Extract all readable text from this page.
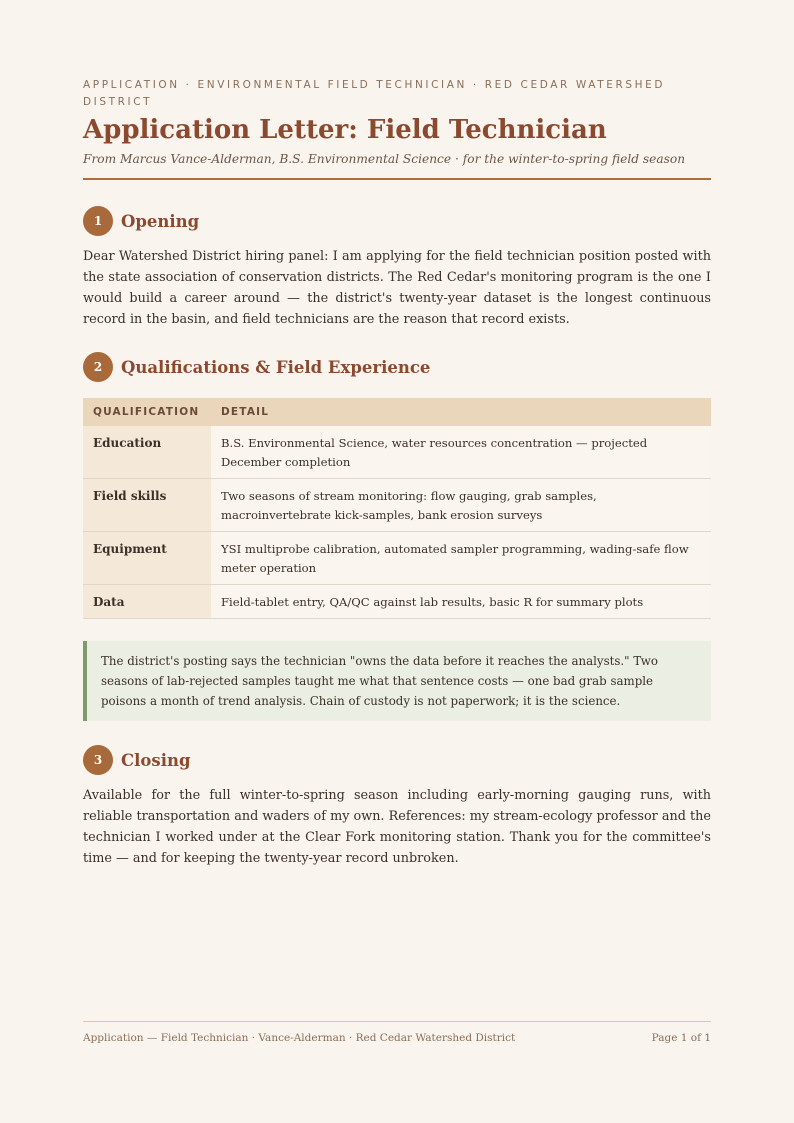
APPLICATION · ENVIRONMENTAL FIELD TECHNICIAN · RED CEDAR WATERSHED DISTRICT
Application Letter: Field Technician
From Marcus Vance-Alderman, B.S. Environmental Science · for the winter-to-spring field season
1	Opening
Dear Watershed District hiring panel: I am applying for the field technician position posted with the state association of conservation districts. The Red Cedar's monitoring program is the one I would build a career around — the district's twenty-year dataset is the longest continuous record in the basin, and field technicians are the reason that record exists.
2	Qualifications & Field Experience
QUALIFICATION	DETAIL
Education	B.S. Environmental Science, water resources concentration — projected December completion
Field skills	Two seasons of stream monitoring: flow gauging, grab samples, macroinvertebrate kick-samples, bank erosion surveys
Equipment	YSI multiprobe calibration, automated sampler programming, wading-safe flow meter operation
Data	Field-tablet entry, QA/QC against lab results, basic R for summary plots
The district's posting says the technician "owns the data before it reaches the analysts." Two seasons of lab-rejected samples taught me what that sentence costs — one bad grab sample poisons a month of trend analysis. Chain of custody is not paperwork; it is the science.
3	Closing
Available for the full winter-to-spring season including early-morning gauging runs, with reliable transportation and waders of my own. References: my stream-ecology professor and the technician I worked under at the Clear Fork monitoring station. Thank you for the committee's time — and for keeping the twenty-year record unbroken.
Application — Field Technician · Vance-Alderman · Red Cedar Watershed District	Page 1 of 1
